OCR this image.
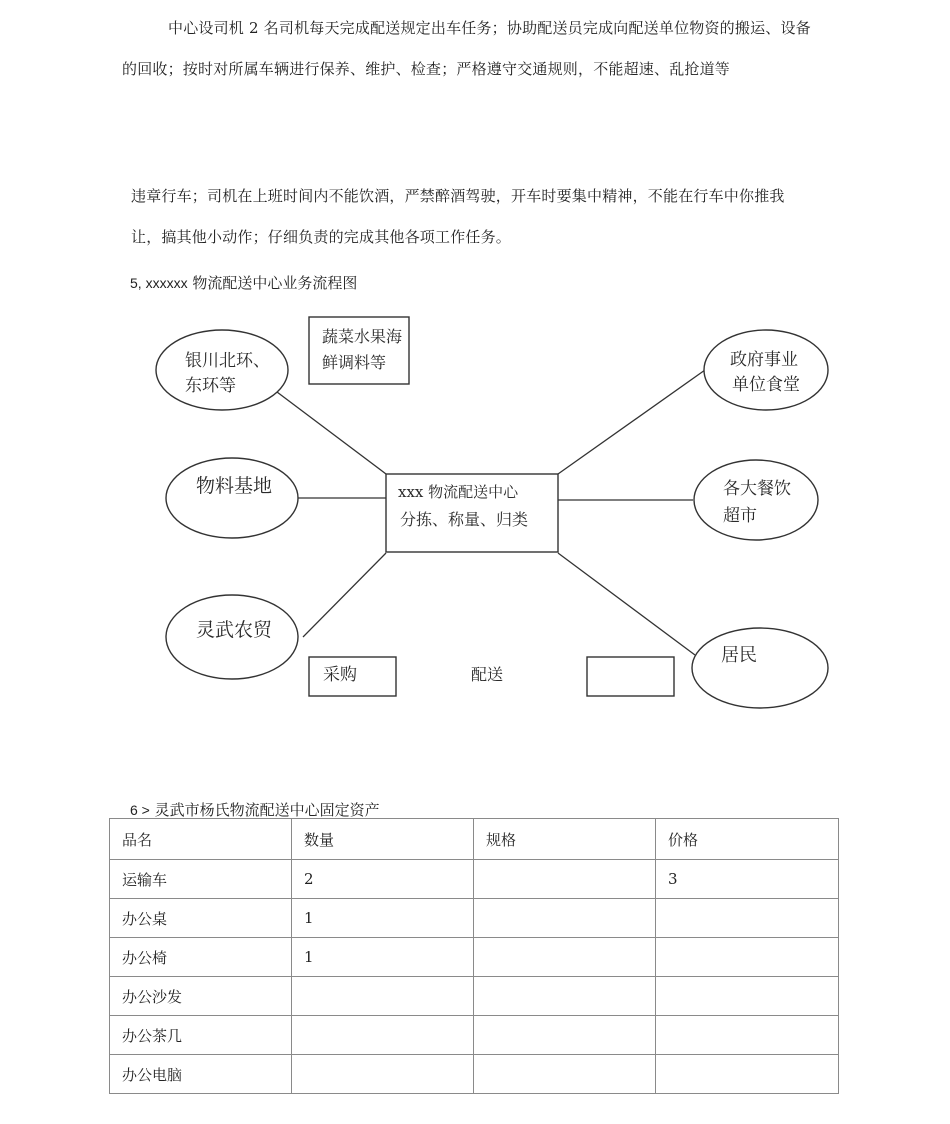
中心设司机 2 名司机每天完成配送规定出车任务；协助配送员完成向配送单位物资的搬运、设备
的回收；按时对所属车辆进行保养、维护、检查；严格遵守交通规则，不能超速、乱抢道等
违章行车；司机在上班时间内不能饮酒，严禁醉酒驾驶，开车时要集中精神，不能在行车中你推我
让，搞其他小动作；仔细负责的完成其他各项工作任务。
5, xxxxxx 物流配送中心业务流程图
xxx 物流配送中心
分拣、称量、归类
银川北环、
东环等
物料基地
灵武农贸
政府事业
单位食堂
各大餐饮
超市
居民
蔬菜水果海
鲜调料等
采购	配送
6 > 灵武市杨氏物流配送中心固定资产
品名	数量	规格	价格
运输车	2		3
办公桌	1		
办公椅	1		
办公沙发			
办公茶几			
办公电脑			
